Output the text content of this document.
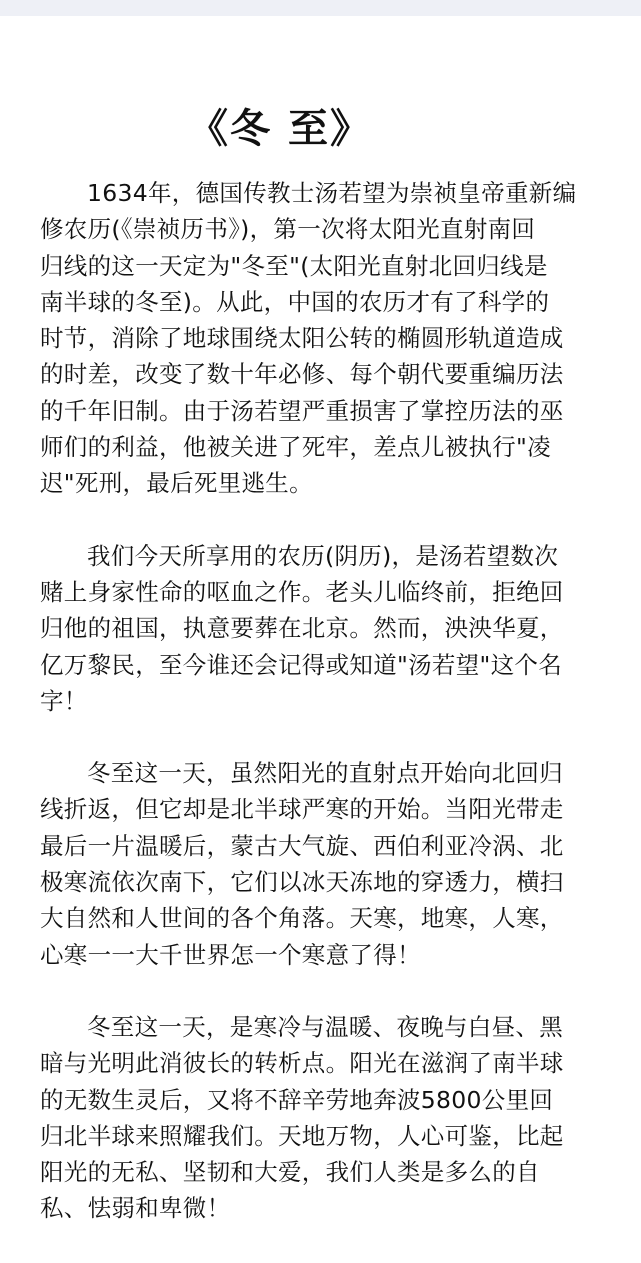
《冬 至》

1634年，德国传教士汤若望为崇祯皇帝重新编
修农历(《崇祯历书》)，第一次将太阳光直射南回
归线的这一天定为"冬至"(太阳光直射北回归线是
南半球的冬至)。从此，中国的农历才有了科学的
时节，消除了地球围绕太阳公转的椭圆形轨道造成
的时差，改变了数十年必修、每个朝代要重编历法
的千年旧制。由于汤若望严重损害了掌控历法的巫
师们的利益，他被关进了死牢，差点儿被执行"凌
迟"死刑，最后死里逃生。

我们今天所享用的农历(阴历)，是汤若望数次
赌上身家性命的呕血之作。老头儿临终前，拒绝回
归他的祖国，执意要葬在北京。然而，泱泱华夏，
亿万黎民，至今谁还会记得或知道"汤若望"这个名
字！

冬至这一天，虽然阳光的直射点开始向北回归
线折返，但它却是北半球严寒的开始。当阳光带走
最后一片温暖后，蒙古大气旋、西伯利亚冷涡、北
极寒流依次南下，它们以冰天冻地的穿透力，横扫
大自然和人世间的各个角落。天寒，地寒，人寒，
心寒一一大千世界怎一个寒意了得！

冬至这一天，是寒冷与温暖、夜晚与白昼、黑
暗与光明此消彼长的转析点。阳光在滋润了南半球
的无数生灵后，又将不辞辛劳地奔波5800公里回
归北半球来照耀我们。天地万物，人心可鉴，比起
阳光的无私、坚韧和大爱，我们人类是多么的自
私、怯弱和卑微！
